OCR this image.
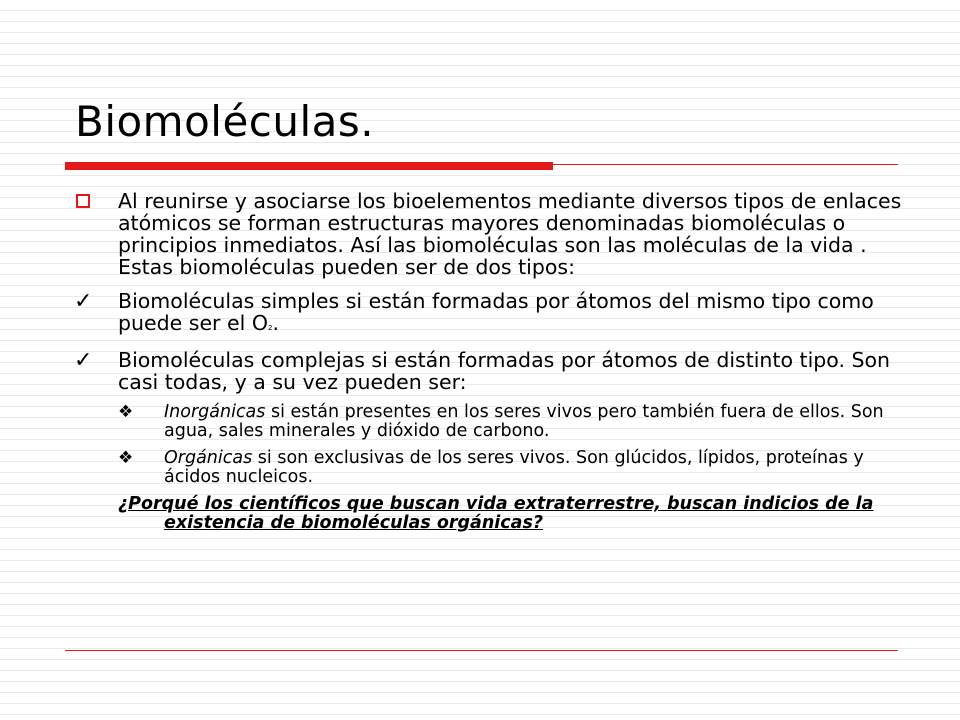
Biomoléculas.

Al reunirse y asociarse los bioelementos mediante diversos tipos de enlaces atómicos se forman estructuras mayores denominadas biomoléculas o principios inmediatos. Así las biomoléculas son las moléculas de la vida . Estas biomoléculas pueden ser de dos tipos:

✓ Biomoléculas simples si están formadas por átomos del mismo tipo como puede ser el O2.

✓ Biomoléculas complejas si están formadas por átomos de distinto tipo. Son casi todas, y a su vez pueden ser:

❖ Inorgánicas si están presentes en los seres vivos pero también fuera de ellos. Son agua, sales minerales y dióxido de carbono.
❖ Orgánicas si son exclusivas de los seres vivos. Son glúcidos, lípidos, proteínas y ácidos nucleicos.
¿Porqué los científicos que buscan vida extraterrestre, buscan indicios de la existencia de biomoléculas orgánicas?
